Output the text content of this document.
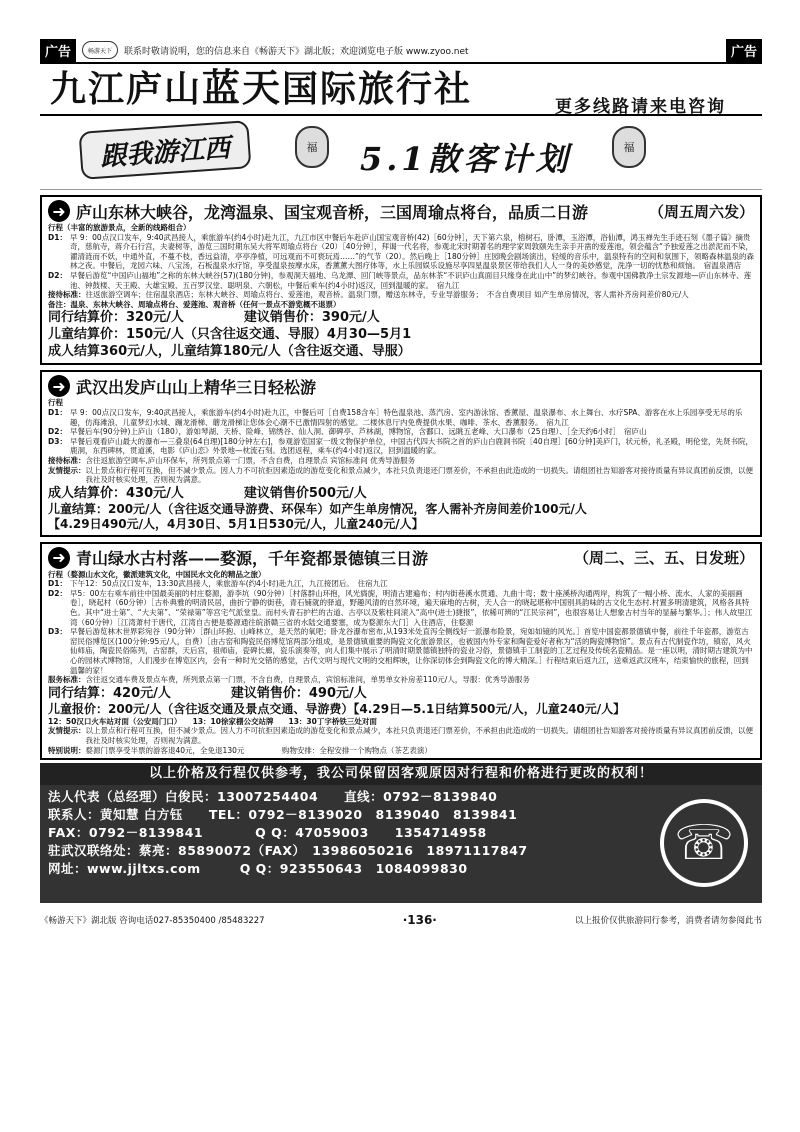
广告	畅游天下	联系时敬请说明，您的信息来自《畅游天下》湖北版；欢迎浏览电子版 www.zyoo.net	广告
九江庐山蓝天国际旅行社	更多线路请来电咨询
跟我游江西	福	5.1散客计划	福
➜ 庐山东林大峡谷，龙湾温泉、国宝观音桥，三国周瑜点将台，品质二日游	（周五周六发）

行程（丰富的旅游景点，全新的线路组合）

D1： 早 9：00点汉口发车，9:40武昌接人，乘旅游车(约4小时)赴九江，九江市区中餐后车赴庐山国宝观音桥(42)［60分钟］，天下第六泉，榕树石，卧潭，玉浴潭，浴仙潭，鸿玉禅先生手迹石刻《墨子篇》摘贵奇，慈航寺，蒋介石行宫，夫妻树等，游览三国时期东吴大将军周瑜点将台（20）［40分钟］，拜谒一代名将，参观北宋时期著名的理学家周敦颐先生亲手开凿的爱莲池，领会蕴含“予独爱莲之出淤泥而不染，濯清涟而不妖，中通外直，不蔓不枝，香远益清，亭亭净植，可远观而不可亵玩焉……”的气节（20）。然后晚上［180分钟］庄园晚会剧场演出，轻缓的音乐中，温泉特有的空间和氛围下，领略森林温泉的森林之夜。中餐后，龙园六味、八宝汤，石板温泉水疗馆，享受温泉按摩水床，香薰薰大图疗体等，水上乐园娱乐设施尽享四星温泉景区带给我们人人一身的美妙感觉，洗净一切的忧愁和烦恼。　宿温泉酒店
D2： 早餐后游览“中国庐山福地”之称的东林大峡谷(57)(180分钟)，参观洞天福地、乌龙潭、回门峡等景点，品东林茶“不识庐山真面目只缘身在此山中”的梦幻峡谷。参观中国佛教净土宗发源地—庐山东林寺、莲池、钟鼓楼、天王殿、大雄宝殿、五百罗汉堂、聪明泉、六朝松，中餐后乘车(约4小时)返汉，回到温暖的家。　宿九江
接待标准： 往返旅游空调车；住宿温泉酒店；东林大峡谷、周瑜点将台、爱莲池，观音桥。温泉门票，赠送东林寺，专业导游服务；　不含自费项目 如产生单房情况，客人需补齐房间差价80元/人

备注：温泉、东林大峡谷、周瑜点将台、爱莲池、观音桥（任何一景点不游览概不退票）

同行结算价：320元/人	建议销售价：390元/人
儿童结算价：150元/人（只含往返交通、导服）4月30—5月1
成人结算360元/人，儿童结算180元/人（含往返交通、导服）
➜ 武汉出发庐山山上精华三日轻松游

行程

D1： 早 9：00点汉口发车，9:40武昌接人，乘旅游车(约4小时)赴九江，中餐后可［自费158含车］特色温泉池、蒸汽房、室内游泳馆、香薰屋、温泉瀑布、水上舞台、水疗SPA、游客在水上乐园享受无尽的乐趣，仿海滩浪、儿童梦幻水城、蹦龙滑梯、蘑龙滑梯让您体会心潮不已激情四射的感觉。二楼休息厅内免费提供水果、咖啡、茶水、香薰服务。　宿九江
D2： 早餐后车(90分钟)上庐山（180），游如琴湖、天桥、险峰、锦绣谷、仙人洞、御碑亭、芦林湖，博物馆，含鄱口、远眺五老峰、大口瀑布（25自理）、［全天约6小时］　宿庐山
D3： 早餐后观看庐山最大的瀑布—三叠泉(64自理)[180分钟左右]，参观游览国家一级文物保护单位，中国古代四大书院之首的庐山白鹿洞书院［40自理］[60分钟]美庐门，状元桥，礼圣殿，明伦堂，先贤书院，鹿洞，东西碑林，贯道溪，电影《庐山恋》外景地—枕流石刻。选团返程，乘车(约4小时)返汉，回到温暖的家。
接待标准： 含往返旅游空调车,庐山环保车，所列景点第一门票，不含自费，自理景点 宾馆标准间 优秀导游服务
友情提示： 以上景点和行程可互换，但不减少景点。因人力不可抗拒因素造成的游览变化和景点减少，本社只负责退还门票差价，不承担由此造成的一切损失。请组团社告知游客对接待质量有异议真团前反馈，以便我社及时核实处理，否则视为满意。
成人结算价：430元/人	建议销售价500元/人
儿童结算：200元/人（含往返交通导游费、环保车）如产生单房情况，客人需补齐房间差价100元/人
【4.29日490元/人，4月30日、5月1日530元/人，儿童240元/人】
➜ 青山绿水古村落——婺源，千年瓷都景德镇三日游	（周二、三、五、日发班）

行程（婺源山水文化，徽派建筑文化，中国民水文化的精品之旅）

D1： 下午12：50点汉口发车，13:30武昌接人，乘旅游车(约4小时)赴九江，九江接团后。　住宿九江
D2： 早5：00左右乘车前往中国最美丽的村庄婺源，游李坑（90分钟）［村落群山环抱，风光旖旎，明清古建遍布；村内街巷溪水贯通、九曲十弯；数十座溪桥沟通两岸，构筑了一幅小桥、流水、人家的美丽画卷］，晓起村（60分钟）［古朴典雅的明清民居，曲折宁静的街巷，青石铺就的驿道，野趣风清的自然环境，遍天麻地的古树，天人合一的晓起堪称中国别具韵味的古文化生态村.村置多明清建筑，风格各具特色。其中“进士第”、“大夫第”、“荣禄第”等宫宅气派堂皇。而村头青石护栏的古道、古亭以及紫柱间滚入“高中(进士)捷报”，依稀可辨的“江民宗祠”，也很容易让人想象古村当年的显赫与繁华。］；伟人故里江湾（60分钟）［江湾萧村于唐代，江湾自古便是婺源通往皖浙赣三省的水陆交通要塞，成为婺源东大门］入住酒店，住婺源
D3： 早餐后游览林木世界彩宛谷（90分钟）［群山环抱、山峰林立，是天然的氧吧；卧龙谷瀑布密布,从193米处直泻全侧线好一派瀑布险景，宛如如镜的风光。］首览中国瓷都景德镇中餐，前往千年瓷都，游览古窑民俗博览区(100分钟:95元/人，自费）［由古窑和陶瓷民俗博览馆两部分组成，是景德镇重要的陶瓷文化旅游景区，也被国内外专家和陶瓷爱好者称为“活的陶瓷博物馆”。景点有古代制瓷作坊，镇窑，风火仙师庙，陶瓷民俗陈列，古窑群，天后宫，祖师庙，瓷碑长廊，瓷乐演奏等，向人们集中展示了明清时期景德镇独特的瓷业习俗，景德镇手工制瓷的工艺过程及传统名瓷精品。是一座以明，清时期古建筑为中心的园林式博物馆，人们漫步在博览区内，会有一种时光交错的感觉，古代文明与现代文明的交相辉映，让你深切体会到陶瓷文化的博大精深。］行程结束后返九江，送乘返武汉班车，结束愉快的旅程，回到温馨的家！
服务标准： 含往返交通车费及景点车费，所列景点第一门票，不含自费，自理景点，宾馆标准间，单男单女补房差110元/人，导服：优秀导游服务
同行结算：420元/人	建议销售价：490元/人
儿童报价：200元/人（含往返交通及景点交通、导游费）【4.29日—5.1日结算500元/人，儿童240元/人】

12：50汉口火车站对面（公安局门口）　　13：10徐家棚公交站牌　　13：30丁字桥铁三处对面

友情提示： 以上景点和行程可互换，但不减少景点。因人力不可抗拒因素造成的游览变化和景点减少，本社只负责退还门票差价，不承担由此造成的一切损失。请组团社告知游客对接待质量有异议真团前反馈，以便我社及时核实处理，否则视为满意。
特别说明： 婺源门票享受半票的游客退40元，全免退130元　　　　　购物安排：全程安排一个购物点（茶艺表演）
以上价格及行程仅供参考，我公司保留因客观原因对行程和价格进行更改的权利！
法人代表（总经理）白俊民：13007254404　　直线：0792－8139840
联系人：黄知慧 白方钰　　TEL：0792－8139020　8139040　8139841
FAX：0792－8139841　　　　Q Q：47059003　　1354714958
驻武汉联络处：蔡亮：85890072（FAX）　13986050216　18971117847
网址：www.jjltxs.com　　　Q Q：923550643　1084099830	☏
《畅游天下》湖北版 咨询电话027-85350400 /85483227	·136·	以上报价仅供旅游同行参考，消费者请勿参阅此书
